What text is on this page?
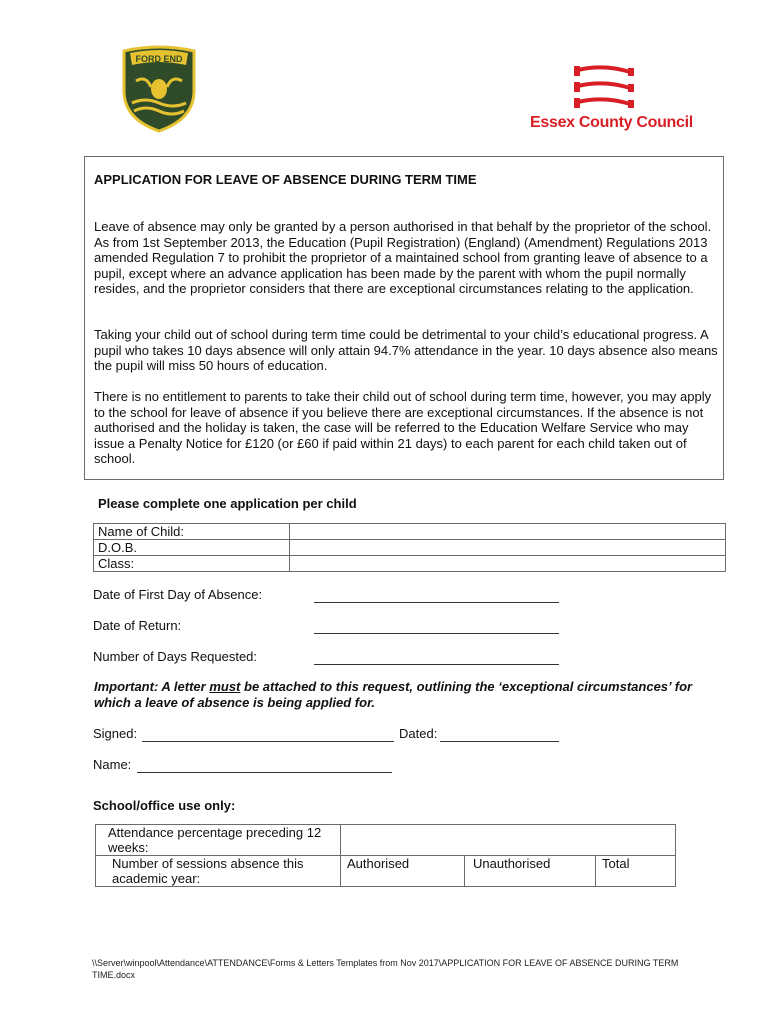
FORD END
Essex County Council
APPLICATION FOR LEAVE OF ABSENCE DURING TERM TIME
Leave of absence may only be granted by a person authorised in that behalf by the proprietor of the school. As from 1st September 2013, the Education (Pupil Registration) (England) (Amendment) Regulations 2013 amended Regulation 7 to prohibit the proprietor of a maintained school from granting leave of absence to a pupil, except where an advance application has been made by the parent with whom the pupil normally resides, and the proprietor considers that there are exceptional circumstances relating to the application.
Taking your child out of school during term time could be detrimental to your child’s educational progress. A pupil who takes 10 days absence will only attain 94.7% attendance in the year. 10 days absence also means the pupil will miss 50 hours of education.
There is no entitlement to parents to take their child out of school during term time, however, you may apply to the school for leave of absence if you believe there are exceptional circumstances. If the absence is not authorised and the holiday is taken, the case will be referred to the Education Welfare Service who may issue a Penalty Notice for £120 (or £60 if paid within 21 days) to each parent for each child taken out of school.
Please complete one application per child
Name of Child:	
D.O.B.	
Class:	
Date of First Day of Absence:
Date of Return:
Number of Days Requested:
Important: A letter must be attached to this request, outlining the ‘exceptional circumstances’ for which a leave of absence is being applied for.
Signed:	Dated:
Name:
School/office use only:
Attendance percentage preceding 12 weeks:			
Number of sessions absence this academic year:	Authorised	Unauthorised	Total
\\Server\winpool\Attendance\ATTENDANCE\Forms & Letters Templates from Nov 2017\APPLICATION FOR LEAVE OF ABSENCE DURING TERM TIME.docx
